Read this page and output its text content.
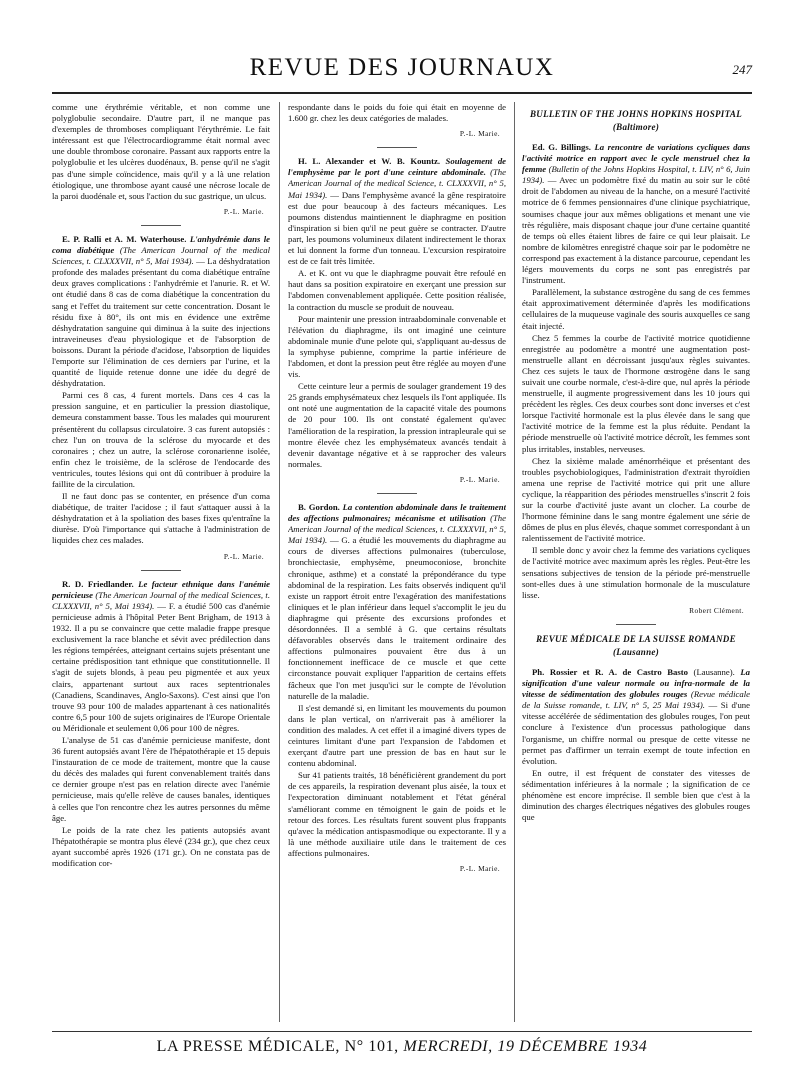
REVUE DES JOURNAUX	247

comme une érythrémie véritable, et non comme une polyglobulie secondaire. D'autre part, il ne manque pas d'exemples de thromboses compliquant l'érythrémie. Le fait intéressant est que l'électrocardiogramme était normal avec une double thrombose coronaire. Passant aux rapports entre la polyglobulie et les ulcères duodénaux, B. pense qu'il ne s'agit pas d'une simple coïncidence, mais qu'il y a là une relation étiologique, une thrombose ayant causé une nécrose locale de la paroi duodénale et, sous l'action du suc gastrique, un ulcus.

P.-L. Marie.

E. P. Ralli et A. M. Waterhouse. L'anhydrémie dans le coma diabétique (The American Journal of the medical Sciences, t. CLXXXVII, n° 5, Mai 1934). — La déshydratation profonde des malades présentant du coma diabétique entraîne deux graves complications : l'anhydrémie et l'anurie. R. et W. ont étudié dans 8 cas de coma diabétique la concentration du sang et l'effet du traitement sur cette concentration. Dosant le résidu fixe à 80°, ils ont mis en évidence une extrême déshydratation sanguine qui diminua à la suite des injections intraveineuses d'eau physiologique et de l'absorption de boissons. Durant la période d'acidose, l'absorption de liquides l'emporte sur l'élimination de ces derniers par l'urine, et la quantité de liquide retenue donne une idée du degré de déshydratation.

Parmi ces 8 cas, 4 furent mortels. Dans ces 4 cas la pression sanguine, et en particulier la pression diastolique, demeura constamment basse. Tous les malades qui moururent présentèrent du collapsus circulatoire. 3 cas furent autopsiés : chez l'un on trouva de la sclérose du myocarde et des coronaires ; chez un autre, la sclérose coronarienne isolée, enfin chez le troisième, de la sclérose de l'endocarde des ventricules, toutes lésions qui ont dû contribuer à produire la faillite de la circulation.

Il ne faut donc pas se contenter, en présence d'un coma diabétique, de traiter l'acidose ; il faut s'attaquer aussi à la déshydratation et à la spoliation des bases fixes qu'entraîne la diurèse. D'où l'importance qui s'attache à l'administration de liquides chez ces malades.

P.-L. Marie.

R. D. Friedlander. Le facteur ethnique dans l'anémie pernicieuse (The American Journal of the medical Sciences, t. CLXXXVII, n° 5, Mai 1934). — F. a étudié 500 cas d'anémie pernicieuse admis à l'hôpital Peter Bent Brigham, de 1913 à 1932. Il a pu se convaincre que cette maladie frappe presque exclusivement la race blanche et sévit avec prédilection dans les régions tempérées, atteignant certains sujets présentant une certaine prédisposition tant ethnique que constitutionnelle. Il s'agit de sujets blonds, à peau peu pigmentée et aux yeux clairs, appartenant surtout aux races septentrionales (Canadiens, Scandinaves, Anglo-Saxons). C'est ainsi que l'on trouve 93 pour 100 de malades appartenant à ces nationalités contre 6,5 pour 100 de sujets originaires de l'Europe Orientale ou Méridionale et seulement 0,06 pour 100 de nègres.

L'analyse de 51 cas d'anémie pernicieuse manifeste, dont 36 furent autopsiés avant l'ère de l'hépatothérapie et 15 depuis l'instauration de ce mode de traitement, montre que la cause du décès des malades qui furent convenablement traités dans ce dernier groupe n'est pas en relation directe avec l'anémie pernicieuse, mais qu'elle relève de causes banales, identiques à celles que l'on rencontre chez les autres personnes du même âge.

Le poids de la rate chez les patients autopsiés avant l'hépatothérapie se montra plus élevé (234 gr.), que chez ceux ayant succombé après 1926 (171 gr.). On ne constata pas de modification cor-

respondante dans le poids du foie qui était en moyenne de 1.600 gr. chez les deux catégories de malades.

P.-L. Marie.

H. L. Alexander et W. B. Kountz. Soulagement de l'emphysème par le port d'une ceinture abdominale. (The American Journal of the medical Science, t. CLXXXVII, n° 5, Mai 1934). — Dans l'emphysème avancé la gêne respiratoire est due pour beaucoup à des facteurs mécaniques. Les poumons distendus maintiennent le diaphragme en position d'inspiration si bien qu'il ne peut guère se contracter. D'autre part, les poumons volumineux dilatent indirectement le thorax et lui donnent la forme d'un tonneau. L'excursion respiratoire est de ce fait très limitée.

A. et K. ont vu que le diaphragme pouvait être refoulé en haut dans sa position expiratoire en exerçant une pression sur l'abdomen convenablement appliquée. Cette position réalisée, la contraction du muscle se produit de nouveau.

Pour maintenir une pression intraabdominale convenable et l'élévation du diaphragme, ils ont imaginé une ceinture abdominale munie d'une pelote qui, s'appliquant au-dessus de la symphyse pubienne, comprime la partie inférieure de l'abdomen, et dont la pression peut être réglée au moyen d'une vis.

Cette ceinture leur a permis de soulager grandement 19 des 25 grands emphysémateux chez lesquels ils l'ont appliquée. Ils ont noté une augmentation de la capacité vitale des poumons de 20 pour 100. Ils ont constaté également qu'avec l'amélioration de la respiration, la pression intrapleurale qui se montre élevée chez les emphysémateux avancés tendait à devenir davantage négative et à se rapprocher des valeurs normales.

P.-L. Marie.

B. Gordon. La contention abdominale dans le traitement des affections pulmonaires; mécanisme et utilisation (The American Journal of the medical Sciences, t. CLXXXVII, n° 5, Mai 1934). — G. a étudié les mouvements du diaphragme au cours de diverses affections pulmonaires (tuberculose, bronchiectasie, emphysème, pneumoconiose, bronchite chronique, asthme) et a constaté la prépondérance du type abdominal de la respiration. Les faits observés indiquent qu'il existe un rapport étroit entre l'exagération des manifestations cliniques et le plan inférieur dans lequel s'accomplit le jeu du diaphragme qui présente des excursions profondes et désordonnées. Il a semblé à G. que certains résultats défavorables observés dans le traitement ordinaire des affections pulmonaires pouvaient être dus à un fonctionnement inefficace de ce muscle et que cette circonstance pouvait expliquer l'apparition de certains effets fâcheux que l'on met jusqu'ici sur le compte de l'évolution naturelle de la maladie.

Il s'est demandé si, en limitant les mouvements du poumon dans le plan vertical, on n'arriverait pas à améliorer la condition des malades. A cet effet il a imaginé divers types de ceintures limitant d'une part l'expansion de l'abdomen et exerçant d'autre part une pression de bas en haut sur le contenu abdominal.

Sur 41 patients traités, 18 bénéficièrent grandement du port de ces appareils, la respiration devenant plus aisée, la toux et l'expectoration diminuant notablement et l'état général s'améliorant comme en témoignent le gain de poids et le retour des forces. Les résultats furent souvent plus frappants qu'avec la médication antispasmodique ou expectorante. Il y a là une méthode auxiliaire utile dans le traitement de ces affections pulmonaires.

P.-L. Marie.

BULLETIN OF THE JOHNS HOPKINS HOSPITAL
(Baltimore)

Ed. G. Billings. La rencontre de variations cycliques dans l'activité motrice en rapport avec le cycle menstruel chez la femme (Bulletin of the Johns Hopkins Hospital, t. LIV, n° 6, Juin 1934). — Avec un podomètre fixé du matin au soir sur le côté droit de l'abdomen au niveau de la hanche, on a mesuré l'activité motrice de 6 femmes pensionnaires d'une clinique psychiatrique, soumises chaque jour aux mêmes obligations et menant une vie très régulière, mais disposant chaque jour d'une certaine quantité de temps où elles étaient libres de faire ce qui leur plaisait. Le nombre de kilomètres enregistré chaque soir par le podomètre ne correspond pas exactement à la distance parcourue, cependant les légers mouvements du corps ne sont pas enregistrés par l'instrument.

Parallèlement, la substance œstrogène du sang de ces femmes était approximativement déterminée d'après les modifications cellulaires de la muqueuse vaginale des souris auxquelles ce sang était injecté.

Chez 5 femmes la courbe de l'activité motrice quotidienne enregistrée au podomètre a montré une augmentation post-menstruelle allant en décroissant jusqu'aux règles suivantes. Chez ces sujets le taux de l'hormone œstrogène dans le sang suivait une courbe normale, c'est-à-dire que, nul après la période menstruelle, il augmente progressivement dans les 10 jours qui précèdent les règles. Ces deux courbes sont donc inverses et c'est lorsque l'activité hormonale est la plus élevée dans le sang que l'activité motrice de la femme est la plus réduite. Pendant la période menstruelle où l'activité motrice décroît, les femmes sont plus irritables, instables, nerveuses.

Chez la sixième malade aménorrhéique et présentant des troubles psychobiologiques, l'administration d'extrait thyroïdien amena une reprise de l'activité motrice qui prit une allure cyclique, la réapparition des périodes menstruelles s'inscrit 2 fois sur la courbe d'activité juste avant un clocher. La courbe de l'hormone féminine dans le sang montre également une série de dômes de plus en plus élevés, chaque sommet correspondant à un ralentissement de l'activité motrice.

Il semble donc y avoir chez la femme des variations cycliques de l'activité motrice avec maximum après les règles. Peut-être les sensations subjectives de tension de la période pré-menstruelle sont-elles dues à une stimulation hormonale de la musculature lisse.

Robert Clément.

REVUE MÉDICALE DE LA SUISSE ROMANDE
(Lausanne)

Ph. Rossier et R. A. de Castro Basto (Lausanne). La signification d'une valeur normale ou infra-normale de la vitesse de sédimentation des globules rouges (Revue médicale de la Suisse romande, t. LIV, n° 5, 25 Mai 1934). — Si d'une vitesse accélérée de sédimentation des globules rouges, l'on peut conclure à l'existence d'un processus pathologique dans l'organisme, un chiffre normal ou presque de cette vitesse ne permet pas d'affirmer un terrain exempt de toute infection en évolution.

En outre, il est fréquent de constater des vitesses de sédimentation inférieures à la normale ; la signification de ce phénomène est encore imprécise. Il semble bien que c'est à la diminution des charges électriques négatives des globules rouges que

LA PRESSE MÉDICALE, N° 101, MERCREDI, 19 DÉCEMBRE 1934
